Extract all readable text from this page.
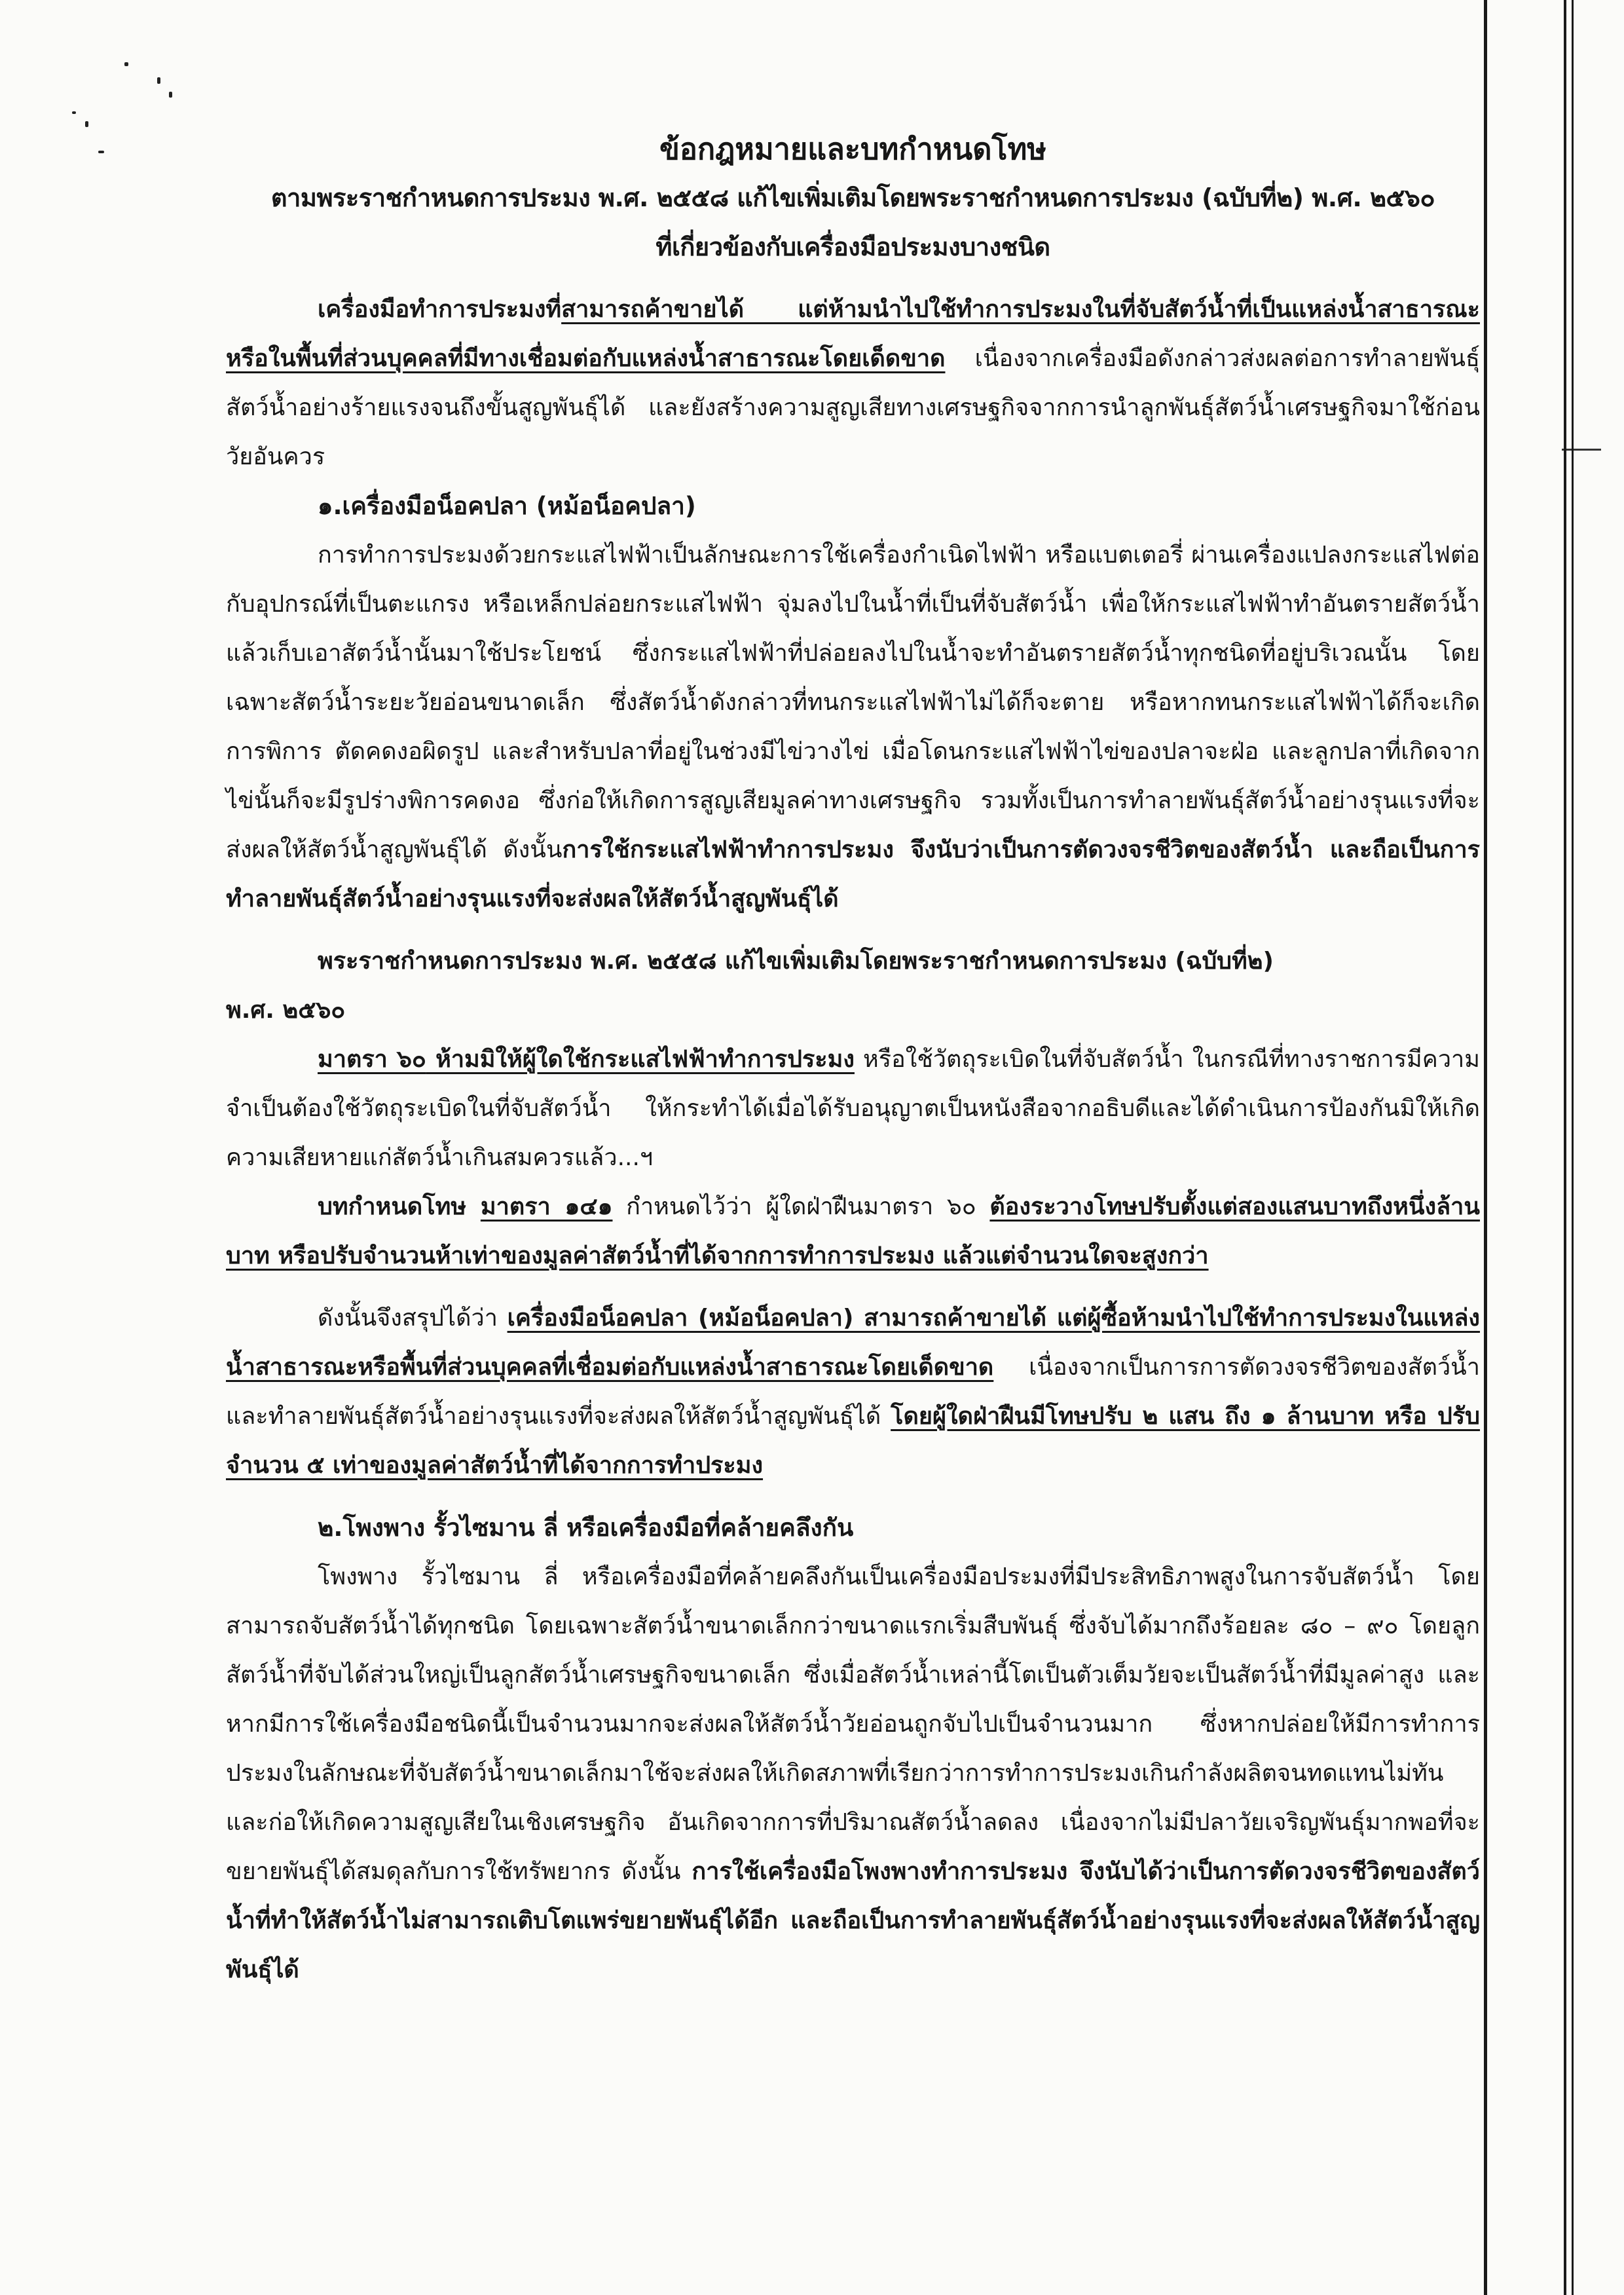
ข้อกฎหมายและบทกำหนดโทษ

ตามพระราชกำหนดการประมง พ.ศ. ๒๕๕๘ แก้ไขเพิ่มเติมโดยพระราชกำหนดการประมง (ฉบับที่๒) พ.ศ. ๒๕๖๐

ที่เกี่ยวข้องกับเครื่องมือประมงบางชนิด

เครื่องมือทำการประมงที่สามารถค้าขายได้ แต่ห้ามนำไปใช้ทำการประมงในที่จับสัตว์น้ำที่เป็นแหล่งน้ำสาธารณะ หรือในพื้นที่ส่วนบุคคลที่มีทางเชื่อมต่อกับแหล่งน้ำสาธารณะโดยเด็ดขาด เนื่องจากเครื่องมือดังกล่าวส่งผลต่อการทำลายพันธุ์สัตว์น้ำอย่างร้ายแรงจนถึงขั้นสูญพันธุ์ได้ และยังสร้างความสูญเสียทางเศรษฐกิจจากการนำลูกพันธุ์สัตว์น้ำเศรษฐกิจมาใช้ก่อนวัยอันควร

๑.เครื่องมือน็อคปลา (หม้อน็อคปลา)

การทำการประมงด้วยกระแสไฟฟ้าเป็นลักษณะการใช้เครื่องกำเนิดไฟฟ้า หรือแบตเตอรี่ ผ่านเครื่องแปลงกระแสไฟต่อกับอุปกรณ์ที่เป็นตะแกรง หรือเหล็กปล่อยกระแสไฟฟ้า จุ่มลงไปในน้ำที่เป็นที่จับสัตว์น้ำ เพื่อให้กระแสไฟฟ้าทำอันตรายสัตว์น้ำแล้วเก็บเอาสัตว์น้ำนั้นมาใช้ประโยชน์ ซึ่งกระแสไฟฟ้าที่ปล่อยลงไปในน้ำจะทำอันตรายสัตว์น้ำทุกชนิดที่อยู่บริเวณนั้น โดยเฉพาะสัตว์น้ำระยะวัยอ่อนขนาดเล็ก ซึ่งสัตว์น้ำดังกล่าวที่ทนกระแสไฟฟ้าไม่ได้ก็จะตาย หรือหากทนกระแสไฟฟ้าได้ก็จะเกิดการพิการ ตัดคดงอผิดรูป และสำหรับปลาที่อยู่ในช่วงมีไข่วางไข่ เมื่อโดนกระแสไฟฟ้าไข่ของปลาจะฝ่อ และลูกปลาที่เกิดจากไข่นั้นก็จะมีรูปร่างพิการคดงอ ซึ่งก่อให้เกิดการสูญเสียมูลค่าทางเศรษฐกิจ รวมทั้งเป็นการทำลายพันธุ์สัตว์น้ำอย่างรุนแรงที่จะส่งผลให้สัตว์น้ำสูญพันธุ์ได้ ดังนั้นการใช้กระแสไฟฟ้าทำการประมง จึงนับว่าเป็นการตัดวงจรชีวิตของสัตว์น้ำ และถือเป็นการทำลายพันธุ์สัตว์น้ำอย่างรุนแรงที่จะส่งผลให้สัตว์น้ำสูญพันธุ์ได้

พระราชกำหนดการประมง พ.ศ. ๒๕๕๘ แก้ไขเพิ่มเติมโดยพระราชกำหนดการประมง (ฉบับที่๒)

พ.ศ. ๒๕๖๐

มาตรา ๖๐ ห้ามมิให้ผู้ใดใช้กระแสไฟฟ้าทำการประมง หรือใช้วัตถุระเบิดในที่จับสัตว์น้ำ ในกรณีที่ทางราชการมีความจำเป็นต้องใช้วัตถุระเบิดในที่จับสัตว์น้ำ ให้กระทำได้เมื่อได้รับอนุญาตเป็นหนังสือจากอธิบดีและได้ดำเนินการป้องกันมิให้เกิดความเสียหายแก่สัตว์น้ำเกินสมควรแล้ว...ฯ

บทกำหนดโทษ มาตรา ๑๔๑ กำหนดไว้ว่า ผู้ใดฝ่าฝืนมาตรา ๖๐ ต้องระวางโทษปรับตั้งแต่สองแสนบาทถึงหนึ่งล้านบาท หรือปรับจำนวนห้าเท่าของมูลค่าสัตว์น้ำที่ได้จากการทำการประมง แล้วแต่จำนวนใดจะสูงกว่า

ดังนั้นจึงสรุปได้ว่า เครื่องมือน็อคปลา (หม้อน็อคปลา) สามารถค้าขายได้ แต่ผู้ซื้อห้ามนำไปใช้ทำการประมงในแหล่งน้ำสาธารณะหรือพื้นที่ส่วนบุคคลที่เชื่อมต่อกับแหล่งน้ำสาธารณะโดยเด็ดขาด เนื่องจากเป็นการการตัดวงจรชีวิตของสัตว์น้ำ และทำลายพันธุ์สัตว์น้ำอย่างรุนแรงที่จะส่งผลให้สัตว์น้ำสูญพันธุ์ได้ โดยผู้ใดฝ่าฝืนมีโทษปรับ ๒ แสน ถึง ๑ ล้านบาท หรือ ปรับจำนวน ๕ เท่าของมูลค่าสัตว์น้ำที่ได้จากการทำประมง

๒.โพงพาง รั้วไซมาน ลี่ หรือเครื่องมือที่คล้ายคลึงกัน

โพงพาง รั้วไซมาน ลี่ หรือเครื่องมือที่คล้ายคลึงกันเป็นเครื่องมือประมงที่มีประสิทธิภาพสูงในการจับสัตว์น้ำ โดยสามารถจับสัตว์น้ำได้ทุกชนิด โดยเฉพาะสัตว์น้ำขนาดเล็กกว่าขนาดแรกเริ่มสืบพันธุ์ ซึ่งจับได้มากถึงร้อยละ ๘๐ – ๙๐ โดยลูกสัตว์น้ำที่จับได้ส่วนใหญ่เป็นลูกสัตว์น้ำเศรษฐกิจขนาดเล็ก ซึ่งเมื่อสัตว์น้ำเหล่านี้โตเป็นตัวเต็มวัยจะเป็นสัตว์น้ำที่มีมูลค่าสูง และหากมีการใช้เครื่องมือชนิดนี้เป็นจำนวนมากจะส่งผลให้สัตว์น้ำวัยอ่อนถูกจับไปเป็นจำนวนมาก ซึ่งหากปล่อยให้มีการทำการประมงในลักษณะที่จับสัตว์น้ำขนาดเล็กมาใช้จะส่งผลให้เกิดสภาพที่เรียกว่าการทำการประมงเกินกำลังผลิตจนทดแทนไม่ทัน และก่อให้เกิดความสูญเสียในเชิงเศรษฐกิจ อันเกิดจากการที่ปริมาณสัตว์น้ำลดลง เนื่องจากไม่มีปลาวัยเจริญพันธุ์มากพอที่จะขยายพันธุ์ได้สมดุลกับการใช้ทรัพยากร ดังนั้น การใช้เครื่องมือโพงพางทำการประมง จึงนับได้ว่าเป็นการตัดวงจรชีวิตของสัตว์น้ำที่ทำให้สัตว์น้ำไม่สามารถเติบโตแพร่ขยายพันธุ์ได้อีก และถือเป็นการทำลายพันธุ์สัตว์น้ำอย่างรุนแรงที่จะส่งผลให้สัตว์น้ำสูญพันธุ์ได้
